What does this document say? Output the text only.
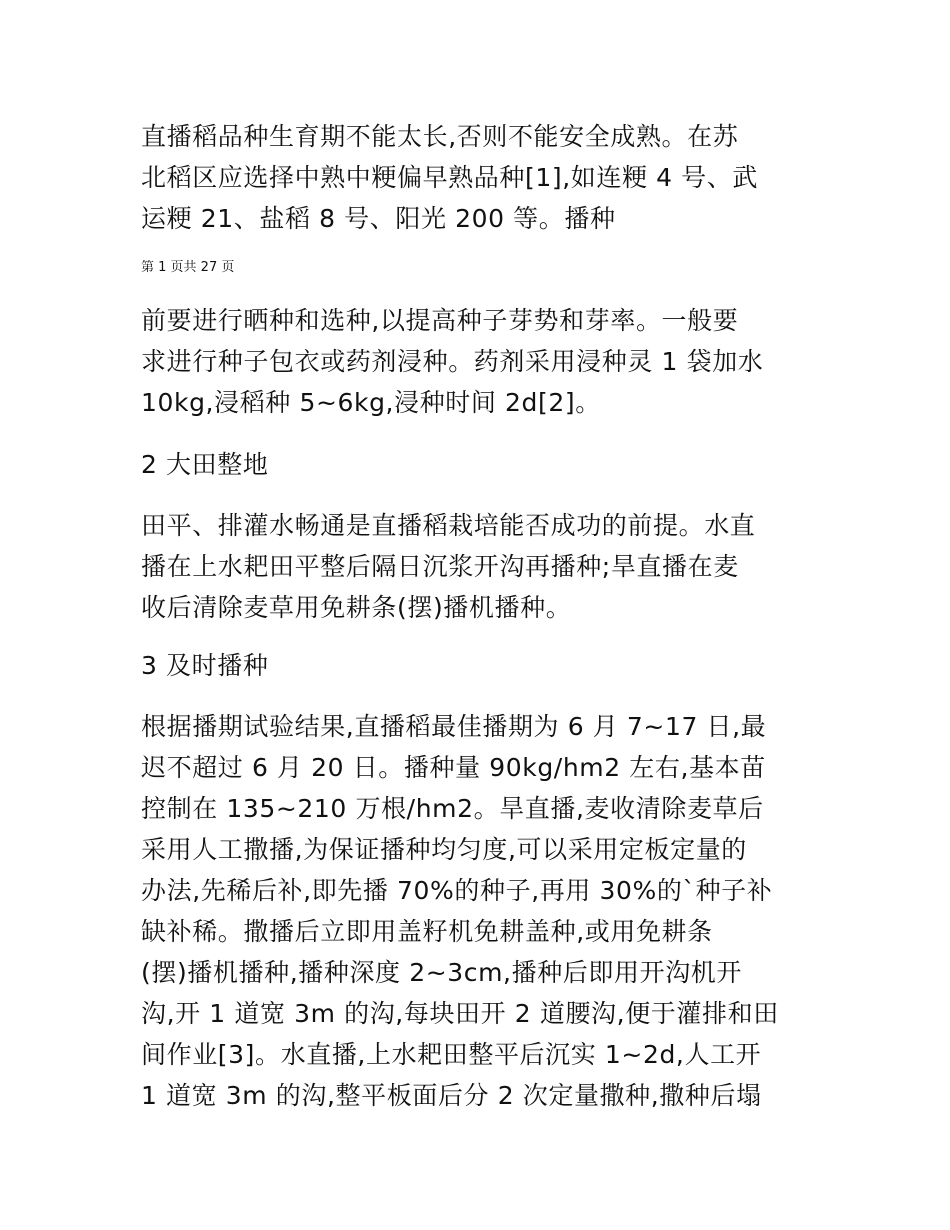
直播稻品种生育期不能太长,否则不能安全成熟。在苏
北稻区应选择中熟中粳偏早熟品种[1],如连粳 4 号、武
运粳 21、盐稻 8 号、阳光 200 等。播种
第 1 页共 27 页
前要进行晒种和选种,以提高种子芽势和芽率。一般要
求进行种子包衣或药剂浸种。药剂采用浸种灵 1 袋加水
10kg,浸稻种 5~6kg,浸种时间 2d[2]。
2 大田整地
田平、排灌水畅通是直播稻栽培能否成功的前提。水直
播在上水耙田平整后隔日沉浆开沟再播种;旱直播在麦
收后清除麦草用免耕条(摆)播机播种。
3 及时播种
根据播期试验结果,直播稻最佳播期为 6 月 7~17 日,最
迟不超过 6 月 20 日。播种量 90kg/hm2 左右,基本苗
控制在 135~210 万根/hm2。旱直播,麦收清除麦草后
采用人工撒播,为保证播种均匀度,可以采用定板定量的
办法,先稀后补,即先播 70%的种子,再用 30%的`种子补
缺补稀。撒播后立即用盖籽机免耕盖种,或用免耕条
(摆)播机播种,播种深度 2~3cm,播种后即用开沟机开
沟,开 1 道宽 3m 的沟,每块田开 2 道腰沟,便于灌排和田
间作业[3]。水直播,上水耙田整平后沉实 1~2d,人工开
1 道宽 3m 的沟,整平板面后分 2 次定量撒种,撒种后塌
